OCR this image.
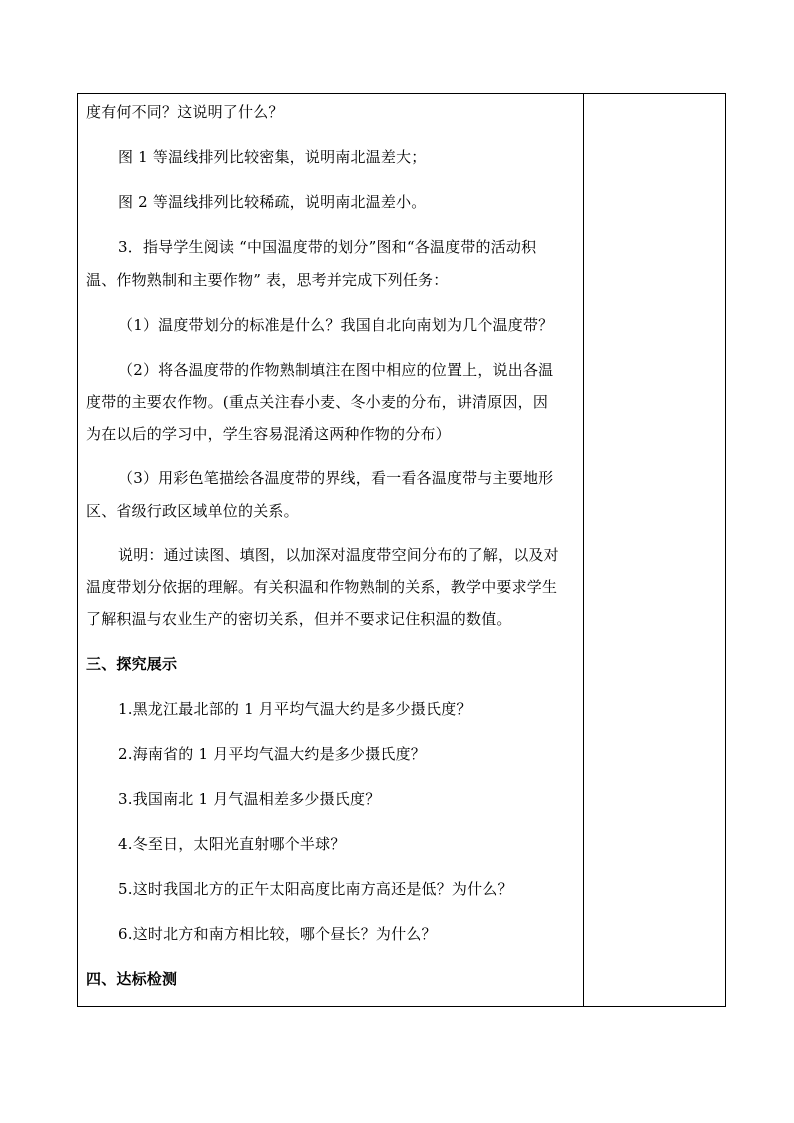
度有何不同？这说明了什么？
图 1 等温线排列比较密集，说明南北温差大；
图 2 等温线排列比较稀疏，说明南北温差小。
3．指导学生阅读 “中国温度带的划分”图和“各温度带的活动积
温、作物熟制和主要作物” 表，思考并完成下列任务：
（1）温度带划分的标准是什么？我国自北向南划为几个温度带？
（2）将各温度带的作物熟制填注在图中相应的位置上，说出各温
度带的主要农作物。(重点关注春小麦、冬小麦的分布，讲清原因，因
为在以后的学习中，学生容易混淆这两种作物的分布）
（3）用彩色笔描绘各温度带的界线，看一看各温度带与主要地形
区、省级行政区域单位的关系。
说明：通过读图、填图，以加深对温度带空间分布的了解，以及对
温度带划分依据的理解。有关积温和作物熟制的关系，教学中要求学生
了解积温与农业生产的密切关系，但并不要求记住积温的数值。
三、探究展示
1.黑龙江最北部的 1 月平均气温大约是多少摄氏度？
2.海南省的 1 月平均气温大约是多少摄氏度？
3.我国南北 1 月气温相差多少摄氏度？
4.冬至日，太阳光直射哪个半球？
5.这时我国北方的正午太阳高度比南方高还是低？为什么？
6.这时北方和南方相比较，哪个昼长？为什么？
四、达标检测
